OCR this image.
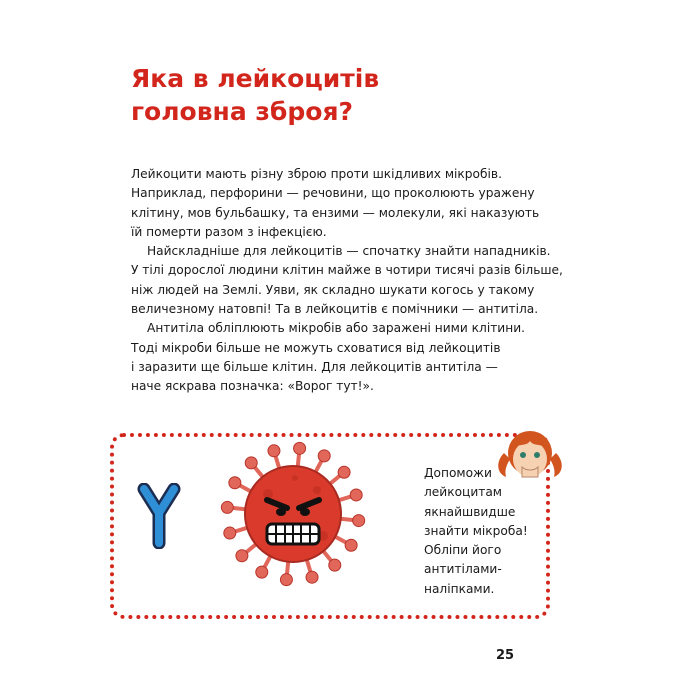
Яка в лейкоцитів
головна зброя?
Лейкоцити мають різну зброю проти шкідливих мікробів.
Наприклад, перфорини — речовини, що проколюють уражену
клітину, мов бульбашку, та ензими — молекули, які наказують
їй померти разом з інфекцією.
Найскладніше для лейкоцитів — спочатку знайти нападників.
У тілі дорослої людини клітин майже в чотири тисячі разів більше,
ніж людей на Землі. Уяви, як складно шукати когось у такому
величезному натовпі! Та в лейкоцитів є помічники — антитіла.
Антитіла обліплюють мікробів або заражені ними клітини.
Тоді мікроби більше не можуть сховатися від лейкоцитів
і заразити ще більше клітин. Для лейкоцитів антитіла —
наче яскрава позначка: «Ворог тут!».
Допоможи
лейкоцитам
якнайшвидше
знайти мікроба!
Обліпи його
антитілами-
наліпками.
25
